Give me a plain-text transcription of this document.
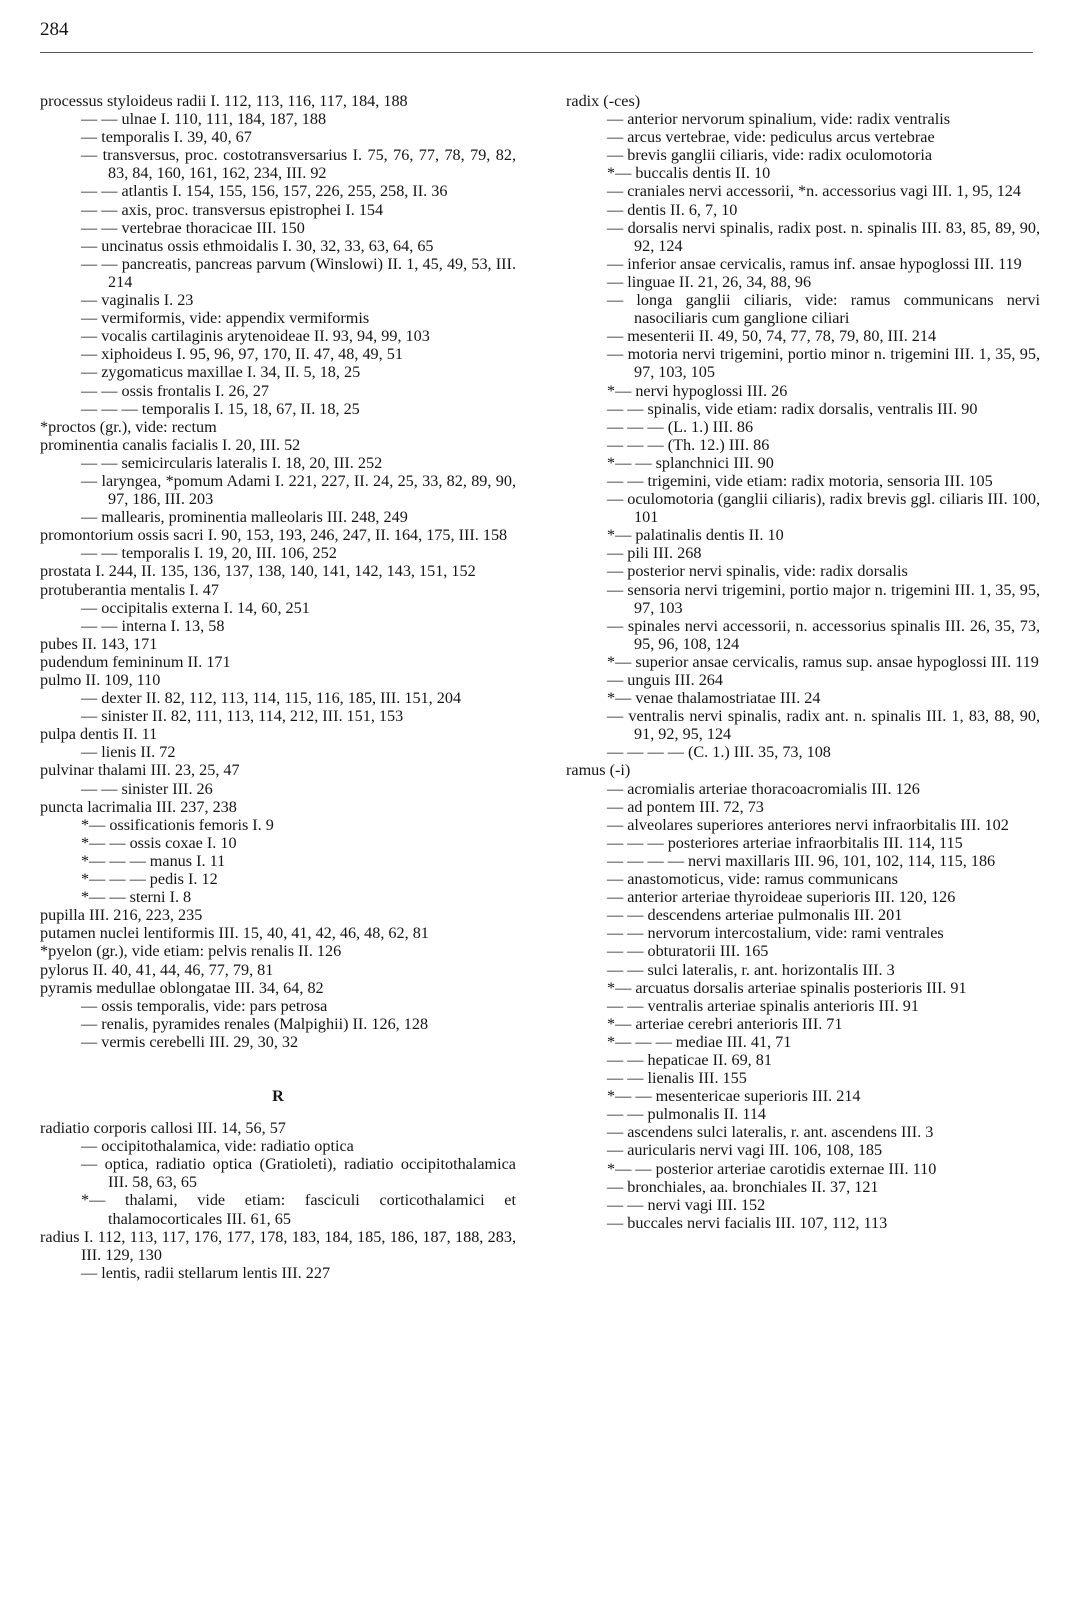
284
processus styloideus radii I. 112, 113, 116, 117, 184, 188
— — ulnae I. 110, 111, 184, 187, 188
— temporalis I. 39, 40, 67
— transversus, proc. costotransversarius I. 75, 76, 77, 78, 79, 82, 83, 84, 160, 161, 162, 234, III. 92
— — atlantis I. 154, 155, 156, 157, 226, 255, 258, II. 36
— — axis, proc. transversus epistrophei I. 154
— — vertebrae thoracicae III. 150
— uncinatus ossis ethmoidalis I. 30, 32, 33, 63, 64, 65
— — pancreatis, pancreas parvum (Winslowi) II. 1, 45, 49, 53, III. 214
— vaginalis I. 23
— vermiformis, vide: appendix vermiformis
— vocalis cartilaginis arytenoideae II. 93, 94, 99, 103
— xiphoideus I. 95, 96, 97, 170, II. 47, 48, 49, 51
— zygomaticus maxillae I. 34, II. 5, 18, 25
— — ossis frontalis I. 26, 27
— — — temporalis I. 15, 18, 67, II. 18, 25
*proctos (gr.), vide: rectum
prominentia canalis facialis I. 20, III. 52
— — semicircularis lateralis I. 18, 20, III. 252
— laryngea, *pomum Adami I. 221, 227, II. 24, 25, 33, 82, 89, 90, 97, 186, III. 203
— mallearis, prominentia malleolaris III. 248, 249
promontorium ossis sacri I. 90, 153, 193, 246, 247, II. 164, 175, III. 158
— — temporalis I. 19, 20, III. 106, 252
prostata I. 244, II. 135, 136, 137, 138, 140, 141, 142, 143, 151, 152
protuberantia mentalis I. 47
— occipitalis externa I. 14, 60, 251
— — interna I. 13, 58
pubes II. 143, 171
pudendum femininum II. 171
pulmo II. 109, 110
— dexter II. 82, 112, 113, 114, 115, 116, 185, III. 151, 204
— sinister II. 82, 111, 113, 114, 212, III. 151, 153
pulpa dentis II. 11
— lienis II. 72
pulvinar thalami III. 23, 25, 47
— — sinister III. 26
puncta lacrimalia III. 237, 238
*— ossificationis femoris I. 9
*— — ossis coxae I. 10
*— — — manus I. 11
*— — — pedis I. 12
*— — sterni I. 8
pupilla III. 216, 223, 235
putamen nuclei lentiformis III. 15, 40, 41, 42, 46, 48, 62, 81
*pyelon (gr.), vide etiam: pelvis renalis II. 126
pylorus II. 40, 41, 44, 46, 77, 79, 81
pyramis medullae oblongatae III. 34, 64, 82
— ossis temporalis, vide: pars petrosa
— renalis, pyramides renales (Malpighii) II. 126, 128
— vermis cerebelli III. 29, 30, 32
R
radiatio corporis callosi III. 14, 56, 57
— occipitothalamica, vide: radiatio optica
— optica, radiatio optica (Gratioleti), radiatio occipitothalamica III. 58, 63, 65
*— thalami, vide etiam: fasciculi corticothalamici et thalamocorticales III. 61, 65
radius I. 112, 113, 117, 176, 177, 178, 183, 184, 185, 186, 187, 188, 283, III. 129, 130
— lentis, radii stellarum lentis III. 227
radix (-ces)
— anterior nervorum spinalium, vide: radix ventralis
— arcus vertebrae, vide: pediculus arcus vertebrae
— brevis ganglii ciliaris, vide: radix oculomotoria
*— buccalis dentis II. 10
— craniales nervi accessorii, *n. accessorius vagi III. 1, 95, 124
— dentis II. 6, 7, 10
— dorsalis nervi spinalis, radix post. n. spinalis III. 83, 85, 89, 90, 92, 124
— inferior ansae cervicalis, ramus inf. ansae hypoglossi III. 119
— linguae II. 21, 26, 34, 88, 96
— longa ganglii ciliaris, vide: ramus communicans nervi nasociliaris cum ganglione ciliari
— mesenterii II. 49, 50, 74, 77, 78, 79, 80, III. 214
— motoria nervi trigemini, portio minor n. trigemini III. 1, 35, 95, 97, 103, 105
*— nervi hypoglossi III. 26
— — spinalis, vide etiam: radix dorsalis, ventralis III. 90
— — — (L. 1.) III. 86
— — — (Th. 12.) III. 86
*— — splanchnici III. 90
— — trigemini, vide etiam: radix motoria, sensoria III. 105
— oculomotoria (ganglii ciliaris), radix brevis ggl. ciliaris III. 100, 101
*— palatinalis dentis II. 10
— pili III. 268
— posterior nervi spinalis, vide: radix dorsalis
— sensoria nervi trigemini, portio major n. trigemini III. 1, 35, 95, 97, 103
— spinales nervi accessorii, n. accessorius spinalis III. 26, 35, 73, 95, 96, 108, 124
*— superior ansae cervicalis, ramus sup. ansae hypoglossi III. 119
— unguis III. 264
*— venae thalamostriatae III. 24
— ventralis nervi spinalis, radix ant. n. spinalis III. 1, 83, 88, 90, 91, 92, 95, 124
— — — — (C. 1.) III. 35, 73, 108
ramus (-i)
— acromialis arteriae thoracoacromialis III. 126
— ad pontem III. 72, 73
— alveolares superiores anteriores nervi infraorbitalis III. 102
— — — posteriores arteriae infraorbitalis III. 114, 115
— — — — nervi maxillaris III. 96, 101, 102, 114, 115, 186
— anastomoticus, vide: ramus communicans
— anterior arteriae thyroideae superioris III. 120, 126
— — descendens arteriae pulmonalis III. 201
— — nervorum intercostalium, vide: rami ventrales
— — obturatorii III. 165
— — sulci lateralis, r. ant. horizontalis III. 3
*— arcuatus dorsalis arteriae spinalis posterioris III. 91
— — ventralis arteriae spinalis anterioris III. 91
*— arteriae cerebri anterioris III. 71
*— — — mediae III. 41, 71
— — hepaticae II. 69, 81
— — lienalis III. 155
*— — mesentericae superioris III. 214
— — pulmonalis II. 114
— ascendens sulci lateralis, r. ant. ascendens III. 3
— auricularis nervi vagi III. 106, 108, 185
*— — posterior arteriae carotidis externae III. 110
— bronchiales, aa. bronchiales II. 37, 121
— — nervi vagi III. 152
— buccales nervi facialis III. 107, 112, 113
